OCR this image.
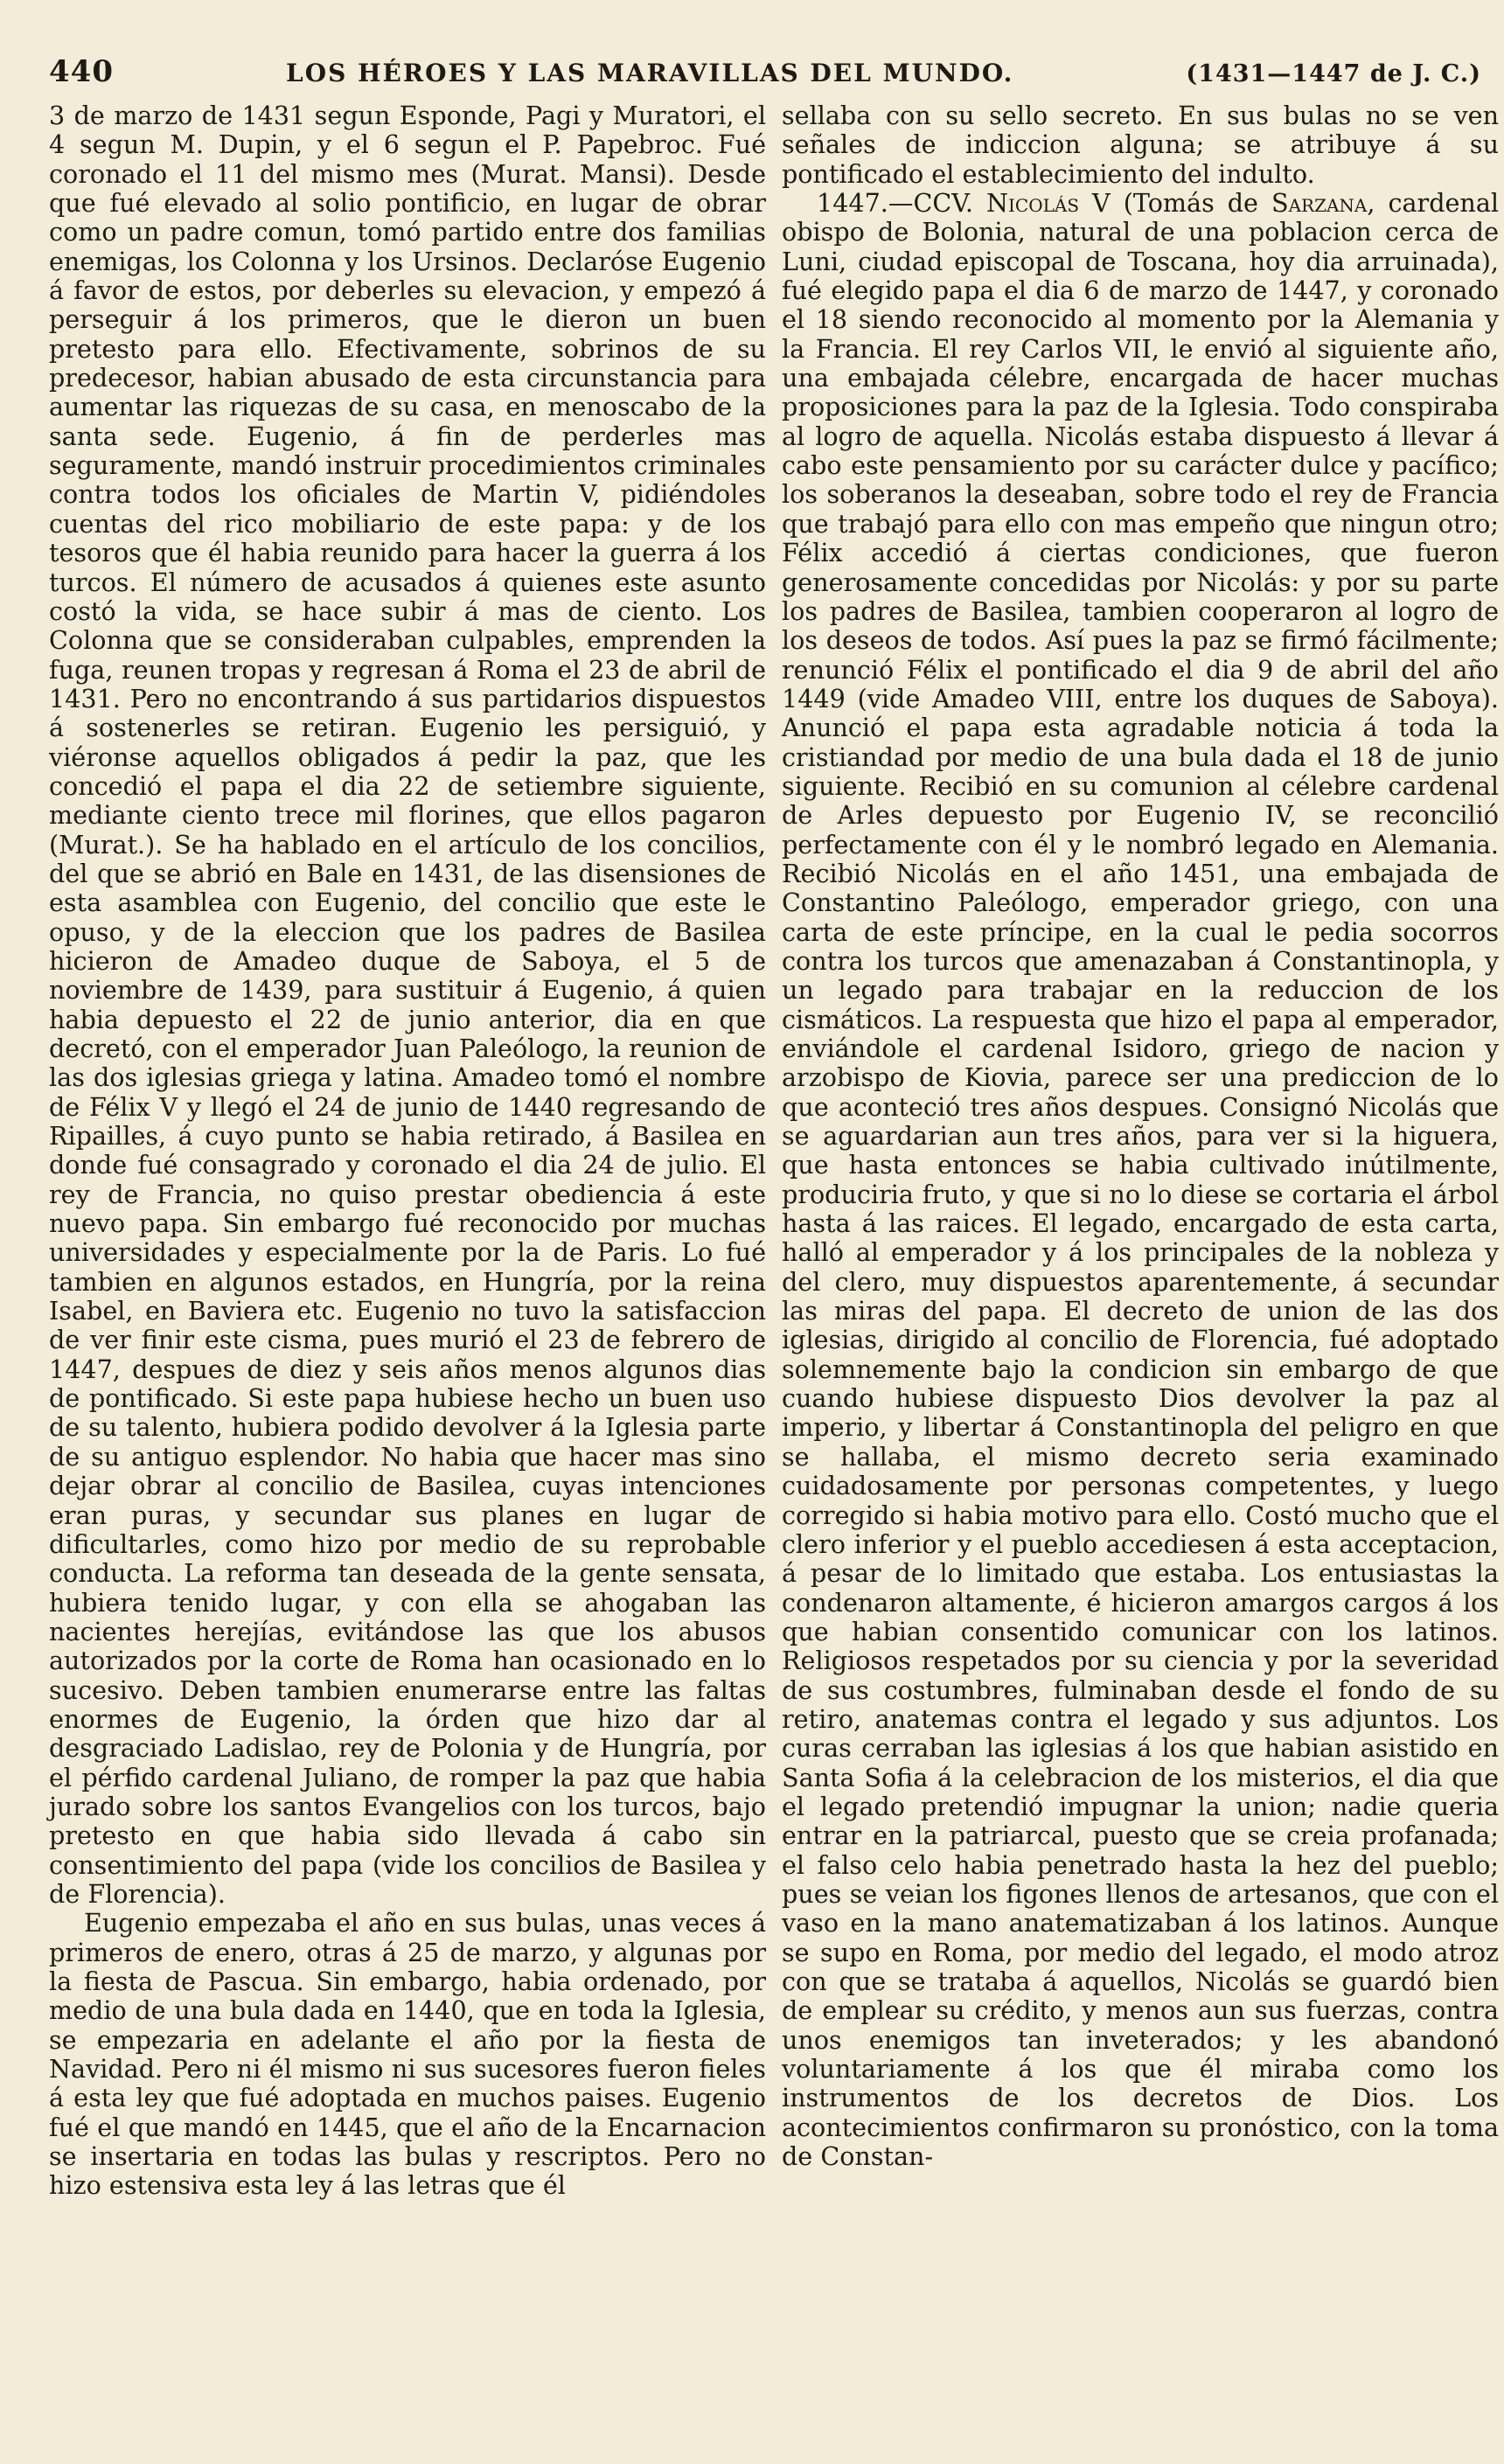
440	LOS HÉROES Y LAS MARAVILLAS DEL MUNDO.	(1431—1447 de J. C.)

3 de marzo de 1431 segun Esponde, Pagi y Muratori, el 4 segun M. Dupin, y el 6 segun el P. Papebroc. Fué coronado el 11 del mismo mes (Murat. Mansi). Desde que fué elevado al solio pontificio, en lugar de obrar como un padre comun, tomó partido entre dos familias enemigas, los Colonna y los Ursinos. Declaróse Eugenio á favor de estos, por deberles su elevacion, y empezó á perseguir á los primeros, que le dieron un buen pretesto para ello. Efectivamente, sobrinos de su predecesor, habian abusado de esta circunstancia para aumentar las riquezas de su casa, en menoscabo de la santa sede. Eugenio, á fin de perderles mas seguramente, mandó instruir procedimientos criminales contra todos los oficiales de Martin V, pidiéndoles cuentas del rico mobiliario de este papa: y de los tesoros que él habia reunido para hacer la guerra á los turcos. El número de acusados á quienes este asunto costó la vida, se hace subir á mas de ciento. Los Colonna que se consideraban culpables, emprenden la fuga, reunen tropas y regresan á Roma el 23 de abril de 1431. Pero no encontrando á sus partidarios dispuestos á sostenerles se retiran. Eugenio les persiguió, y viéronse aquellos obligados á pedir la paz, que les concedió el papa el dia 22 de setiembre siguiente, mediante ciento trece mil florines, que ellos pagaron (Murat.). Se ha hablado en el artículo de los concilios, del que se abrió en Bale en 1431, de las disensiones de esta asamblea con Eugenio, del concilio que este le opuso, y de la eleccion que los padres de Basilea hicieron de Amadeo duque de Saboya, el 5 de noviembre de 1439, para sustituir á Eugenio, á quien habia depuesto el 22 de junio anterior, dia en que decretó, con el emperador Juan Paleólogo, la reunion de las dos iglesias griega y latina. Amadeo tomó el nombre de Félix V y llegó el 24 de junio de 1440 regresando de Ripailles, á cuyo punto se habia retirado, á Basilea en donde fué consagrado y coronado el dia 24 de julio. El rey de Francia, no quiso prestar obediencia á este nuevo papa. Sin embargo fué reconocido por muchas universidades y especialmente por la de Paris. Lo fué tambien en algunos estados, en Hungría, por la reina Isabel, en Baviera etc. Eugenio no tuvo la satisfaccion de ver finir este cisma, pues murió el 23 de febrero de 1447, despues de diez y seis años menos algunos dias de pontificado. Si este papa hubiese hecho un buen uso de su talento, hubiera podido devolver á la Iglesia parte de su antiguo esplendor. No habia que hacer mas sino dejar obrar al concilio de Basilea, cuyas intenciones eran puras, y secundar sus planes en lugar de dificultarles, como hizo por medio de su reprobable conducta. La reforma tan deseada de la gente sensata, hubiera tenido lugar, y con ella se ahogaban las nacientes herejías, evitándose las que los abusos autorizados por la corte de Roma han ocasionado en lo sucesivo. Deben tambien enumerarse entre las faltas enormes de Eugenio, la órden que hizo dar al desgraciado Ladislao, rey de Polonia y de Hungría, por el pérfido cardenal Juliano, de romper la paz que habia jurado sobre los santos Evangelios con los turcos, bajo pretesto en que habia sido llevada á cabo sin consentimiento del papa (vide los concilios de Basilea y de Florencia).

Eugenio empezaba el año en sus bulas, unas veces á primeros de enero, otras á 25 de marzo, y algunas por la fiesta de Pascua. Sin embargo, habia ordenado, por medio de una bula dada en 1440, que en toda la Iglesia, se empezaria en adelante el año por la fiesta de Navidad. Pero ni él mismo ni sus sucesores fueron fieles á esta ley que fué adoptada en muchos paises. Eugenio fué el que mandó en 1445, que el año de la Encarnacion se insertaria en todas las bulas y rescriptos. Pero no hizo estensiva esta ley á las letras que él

sellaba con su sello secreto. En sus bulas no se ven señales de indiccion alguna; se atribuye á su pontificado el establecimiento del indulto.

1447.—CCV. Nicolás V (Tomás de Sarzana, cardenal obispo de Bolonia, natural de una poblacion cerca de Luni, ciudad episcopal de Toscana, hoy dia arruinada), fué elegido papa el dia 6 de marzo de 1447, y coronado el 18 siendo reconocido al momento por la Alemania y la Francia. El rey Carlos VII, le envió al siguiente año, una embajada célebre, encargada de hacer muchas proposiciones para la paz de la Iglesia. Todo conspiraba al logro de aquella. Nicolás estaba dispuesto á llevar á cabo este pensamiento por su carácter dulce y pacífico; los soberanos la deseaban, sobre todo el rey de Francia que trabajó para ello con mas empeño que ningun otro; Félix accedió á ciertas condiciones, que fueron generosamente concedidas por Nicolás: y por su parte los padres de Basilea, tambien cooperaron al logro de los deseos de todos. Así pues la paz se firmó fácilmente; renunció Félix el pontificado el dia 9 de abril del año 1449 (vide Amadeo VIII, entre los duques de Saboya). Anunció el papa esta agradable noticia á toda la cristiandad por medio de una bula dada el 18 de junio siguiente. Recibió en su comunion al célebre cardenal de Arles depuesto por Eugenio IV, se reconcilió perfectamente con él y le nombró legado en Alemania. Recibió Nicolás en el año 1451, una embajada de Constantino Paleólogo, emperador griego, con una carta de este príncipe, en la cual le pedia socorros contra los turcos que amenazaban á Constantinopla, y un legado para trabajar en la reduccion de los cismáticos. La respuesta que hizo el papa al emperador, enviándole el cardenal Isidoro, griego de nacion y arzobispo de Kiovia, parece ser una prediccion de lo que aconteció tres años despues. Consignó Nicolás que se aguardarian aun tres años, para ver si la higuera, que hasta entonces se habia cultivado inútilmente, produciria fruto, y que si no lo diese se cortaria el árbol hasta á las raices. El legado, encargado de esta carta, halló al emperador y á los principales de la nobleza y del clero, muy dispuestos aparentemente, á secundar las miras del papa. El decreto de union de las dos iglesias, dirigido al concilio de Florencia, fué adoptado solemnemente bajo la condicion sin embargo de que cuando hubiese dispuesto Dios devolver la paz al imperio, y libertar á Constantinopla del peligro en que se hallaba, el mismo decreto seria examinado cuidadosamente por personas competentes, y luego corregido si habia motivo para ello. Costó mucho que el clero inferior y el pueblo accediesen á esta acceptacion, á pesar de lo limitado que estaba. Los entusiastas la condenaron altamente, é hicieron amargos cargos á los que habian consentido comunicar con los latinos. Religiosos respetados por su ciencia y por la severidad de sus costumbres, fulminaban desde el fondo de su retiro, anatemas contra el legado y sus adjuntos. Los curas cerraban las iglesias á los que habian asistido en Santa Sofia á la celebracion de los misterios, el dia que el legado pretendió impugnar la union; nadie queria entrar en la patriarcal, puesto que se creia profanada; el falso celo habia penetrado hasta la hez del pueblo; pues se veian los figones llenos de artesanos, que con el vaso en la mano anatematizaban á los latinos. Aunque se supo en Roma, por medio del legado, el modo atroz con que se trataba á aquellos, Nicolás se guardó bien de emplear su crédito, y menos aun sus fuerzas, contra unos enemigos tan inveterados; y les abandonó voluntariamente á los que él miraba como los instrumentos de los decretos de Dios. Los acontecimientos confirmaron su pronóstico, con la toma de Constan-
